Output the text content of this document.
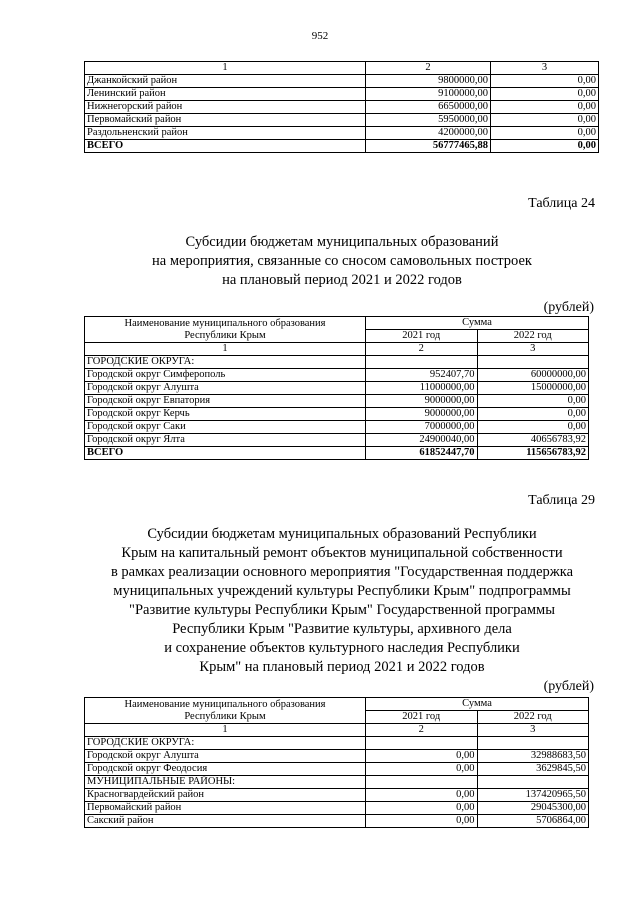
952
1	2	3
Джанкойский район	9800000,00	0,00
Ленинский район	9100000,00	0,00
Нижнегорский район	6650000,00	0,00
Первомайский район	5950000,00	0,00
Раздольненский район	4200000,00	0,00
ВСЕГО	56777465,88	0,00
Таблица 24
Субсидии бюджетам муниципальных образований
на мероприятия, связанные со сносом самовольных построек
на плановый период 2021 и 2022 годов
(рублей)
Наименование муниципального образования
Республики Крым	Сумма	
	2021 год	2022 год
1	2	3
ГОРОДСКИЕ ОКРУГА:		
Городской округ Симферополь	952407,70	60000000,00
Городской округ Алушта	11000000,00	15000000,00
Городской округ Евпатория	9000000,00	0,00
Городской округ Керчь	9000000,00	0,00
Городской округ Саки	7000000,00	0,00
Городской округ Ялта	24900040,00	40656783,92
ВСЕГО	61852447,70	115656783,92
Таблица 29
Субсидии бюджетам муниципальных образований Республики
Крым на капитальный ремонт объектов муниципальной собственности
в рамках реализации основного мероприятия "Государственная поддержка
муниципальных учреждений культуры Республики Крым" подпрограммы
"Развитие культуры Республики Крым" Государственной программы
Республики Крым "Развитие культуры, архивного дела
и сохранение объектов культурного наследия Республики
Крым" на плановый период 2021 и 2022 годов
(рублей)
Наименование муниципального образования
Республики Крым	Сумма	
	2021 год	2022 год
1	2	3
ГОРОДСКИЕ ОКРУГА:		
Городской округ Алушта	0,00	32988683,50
Городской округ Феодосия	0,00	3629845,50
МУНИЦИПАЛЬНЫЕ РАЙОНЫ:		
Красногвардейский район	0,00	137420965,50
Первомайский район	0,00	29045300,00
Сакский район	0,00	5706864,00
